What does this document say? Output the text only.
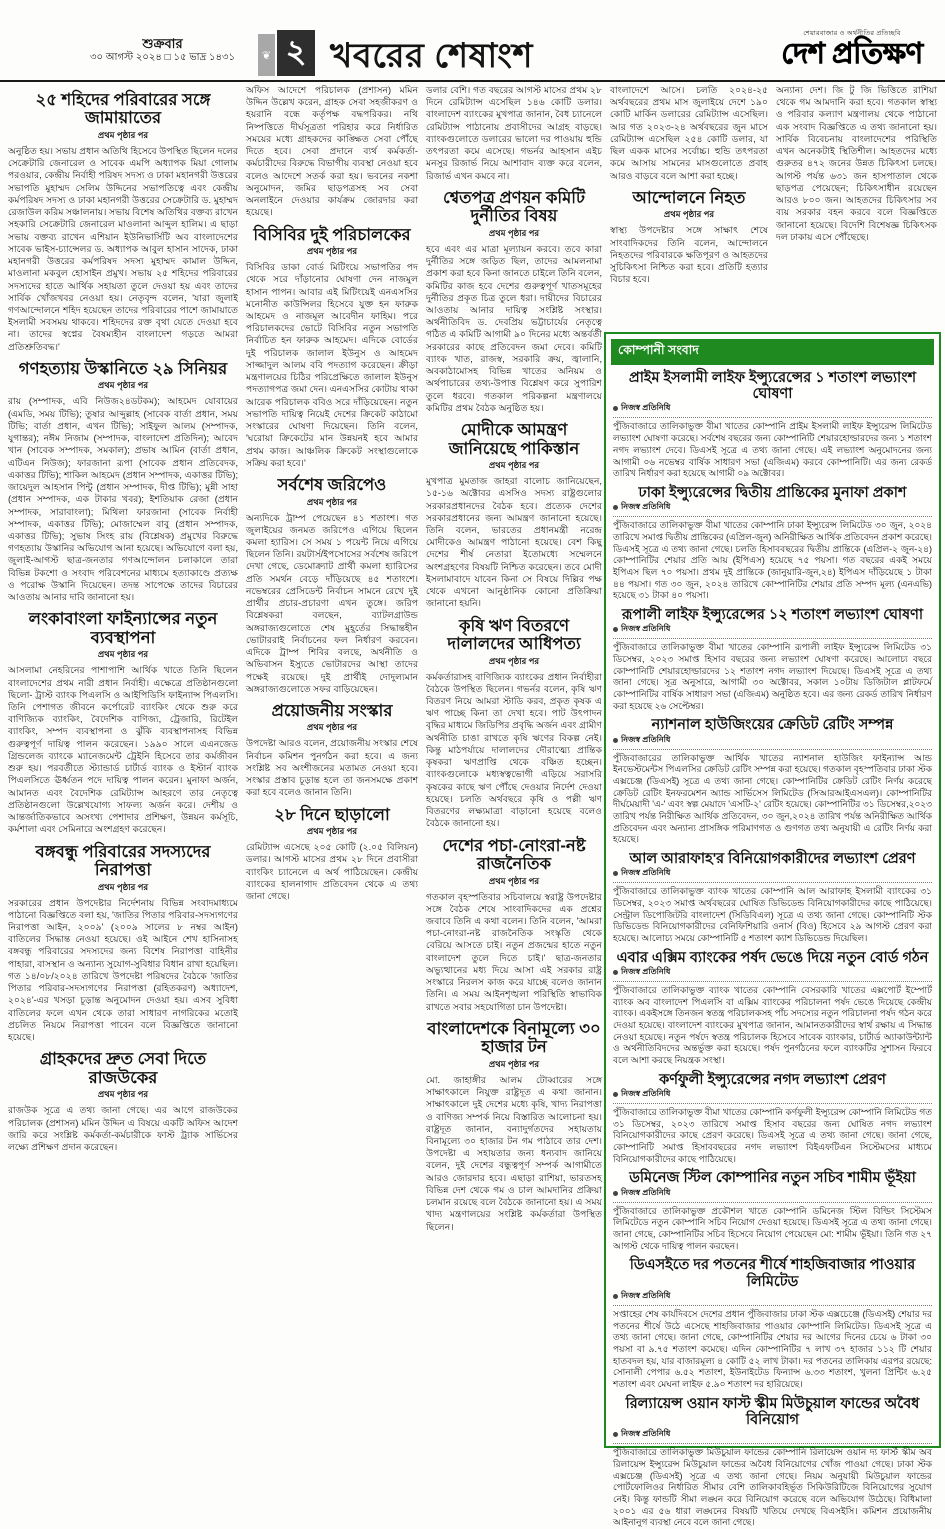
শুক্রবার
৩০ আগস্ট ২০২৪ □ ১৫ ভাদ্র ১৪৩১	❦ ২ খবরের শেষাংশ
শেয়ারবাজার ও অর্থনীতির প্রতিচ্ছবি
দেশ প্রতিক্ষণ
২৫ শহিদের পরিবারের সঙ্গে জামায়াতের
প্রথম পৃষ্ঠার পর
অনুষ্ঠিত হয়। সভায় প্রধান অতিথি হিসেবে উপস্থিত ছিলেন দলের সেক্রেটারি জেনারেল ও সাবেক এমপি অধ্যাপক মিয়া গোলাম পরওয়ার, কেন্দ্রীয় নির্বাহী পরিষদ সদস্য ও ঢাকা মহানগরী উত্তরের সভাপতি মুহাম্মদ সেলিম উদ্দিনের সভাপতিত্বে এবং কেন্দ্রীয় কর্মপরিষদ সদস্য ও ঢাকা মহানগরী উত্তরের সেক্রেটারি ড. মুহাম্মদ রেজাউল করিম সঞ্চালনায়। সভায় বিশেষ অতিথির বক্তব্য রাখেন সহকারি সেক্রেটারি জেনারেল মাওলানা আব্দুল হালিম। এ ছাড়া সভায় বক্তব্য রাখেন এশিয়ান ইউনিভার্সিটি অব বাংলাদেশের সাবেক ভাইস-চ্যান্সেলর ড. অধ্যাপক আবুল হাসান সাদেক, ঢাকা মহানগরী উত্তরের কর্মপরিষদ সদস্য মুহাম্মদ কামাল উদ্দিন, মাওলানা মকবুল হোসাইন প্রমুখ। সভায় ২৫ শহিদের পরিবারের সদস্যদের হাতে আর্থিক সহায়তা তুলে দেওয়া হয় এবং তাদের সার্বিক খোঁজখবর নেওয়া হয়। নেতৃবৃন্দ বলেন, 'যারা জুলাই গণআন্দোলনে শহিদ হয়েছেন তাদের পরিবারের পাশে জামায়াতে ইসলামী সবসময় থাকবে। শহিদদের রক্ত বৃথা যেতে দেওয়া হবে না। তাদের স্বপ্নের বৈষম্যহীন বাংলাদেশ গড়তে আমরা প্রতিশ্রুতিবদ্ধ।'
গণহত্যায় উস্কানিতে ২৯ সিনিয়র
প্রথম পৃষ্ঠার পর
রায় (সম্পাদক, এবি নিউজ২৪ডটকম); আহমেদ যোবায়ের (এমডি, সময় টিভি); তুষার আব্দুল্লাহ (সাবেক বার্তা প্রধান, সময় টিভি; বার্তা প্রধান, এখন টিভি); সাইফুল আলম (সম্পাদক, যুগান্তর); নঈম নিজাম (সম্পাদক, বাংলাদেশ প্রতিদিন); আবেদ খান (সাবেক সম্পাদক, সমকাল); প্রভাষ আমিন (বার্তা প্রধান, এটিএন নিউজ); ফারজানা রূপা (সাবেক প্রধান প্রতিবেদক, একাত্তর টিভি); শাকিল আহমেদ (প্রধান সম্পাদক, একাত্তর টিভি); জায়েদুল আহসান পিন্টু (প্রধান সম্পাদক, দীপ্ত টিভি); মুন্নী সাহা (প্রধান সম্পাদক, এক টাকার খবর); ইশতিয়াক রেজা (প্রধান সম্পাদক, সারাবাংলা); মিথিলা ফারজানা (সাবেক নির্বাহী সম্পাদক, একাত্তর টিভি); মোজাম্মেল বাবু (প্রধান সম্পাদক, একাত্তর টিভি); সুভাষ সিংহ রায় (বিশ্লেষক) প্রমুখের বিরুদ্ধে গণহত্যায় উস্কানির অভিযোগ আনা হয়েছে। অভিযোগে বলা হয়, জুলাই-আগস্ট ছাত্র-জনতার গণআন্দোলন চলাকালে তারা বিভিন্ন টকশো ও সংবাদ পরিবেশনের মাধ্যমে হত্যাকাণ্ডে প্রত্যক্ষ ও পরোক্ষ উস্কানি দিয়েছেন। তদন্ত সাপেক্ষে তাদের বিচারের আওতায় আনার দাবি জানানো হয়।
লংকাবাংলা ফাইন্যান্সের নতুন ব্যবস্থাপনা
প্রথম পৃষ্ঠার পর
আসলামা নেহরিনের পাশাপাশি আর্থিক খাতে তিনি ছিলেন বাংলাদেশের প্রথম নারী প্রধান নির্বাহী। এক্ষেত্রে প্রতিষ্ঠানগুলো ছিলো- ট্রাস্ট ব্যাংক পিএলসি ও আইপিডিসি ফাইন্যান্স পিএলসি। তিনি পেশাগত জীবনে কর্পোরেট ব্যাংকিং থেকে শুরু করে বাণিজ্যিক ব্যাংকিং, বৈদেশিক বাণিজ্য, ট্রেজারি, রিটেইল ব্যাংকিং, সম্পদ ব্যবস্থাপনা ও ঝুঁকি ব্যবস্থাপনাসহ বিভিন্ন গুরুত্বপূর্ণ দায়িত্ব পালন করেছেন। ১৯৯০ সালে এএনজেড গ্রিন্ডলেজ ব্যাংকে ম্যানেজমেন্ট ট্রেইনি হিসেবে তার কর্মজীবন শুরু হয়। পরবর্তীতে স্ট্যান্ডার্ড চার্টার্ড ব্যাংক ও ইস্টার্ন ব্যাংক পিএলসিতে ঊর্ধ্বতন পদে দায়িত্ব পালন করেন। মুনাফা অর্জন, আমানত এবং বৈদেশিক রেমিট্যান্স আহরণে তার নেতৃত্বে প্রতিষ্ঠানগুলো উল্লেখযোগ্য সাফল্য অর্জন করে। দেশীয় ও আন্তর্জাতিকভাবে অসংখ্য পেশাদার প্রশিক্ষণ, উন্নয়ন কর্মসূচি, কর্মশালা এবং সেমিনারে অংশগ্রহণ করেছেন।
বঙ্গবন্ধু পরিবারের সদস্যদের নিরাপত্তা
প্রথম পৃষ্ঠার পর
সরকারের প্রধান উপদেষ্টার নির্দেশনায় বিভিন্ন সংবাদমাধ্যমে পাঠানো বিজ্ঞপ্তিতে বলা হয়, 'জাতির পিতার পরিবার-সদস্যগণের নিরাপত্তা আইন, ২০০৯' (২০০৯ সালের ৮ নম্বর আইন) বাতিলের সিদ্ধান্ত নেওয়া হয়েছে। ওই আইনে শেখ হাসিনাসহ বঙ্গবন্ধু পরিবারের সদস্যদের জন্য বিশেষ নিরাপত্তা বাহিনীর পাহারা, বাসস্থান ও অন্যান্য সুযোগ-সুবিধার বিধান রাখা হয়েছিল। গত ১৪/০৮/২০২৪ তারিখে উপদেষ্টা পরিষদের বৈঠকে 'জাতির পিতার পরিবার-সদস্যগণের নিরাপত্তা (রহিতকরণ) অধ্যাদেশ, ২০২৪'-এর খসড়া চূড়ান্ত অনুমোদন দেওয়া হয়। এসব সুবিধা বাতিলের ফলে এখন থেকে তারা সাধারণ নাগরিকের মতোই প্রচলিত নিয়মে নিরাপত্তা পাবেন বলে বিজ্ঞপ্তিতে জানানো হয়েছে।
গ্রাহকদের দ্রুত সেবা দিতে রাজউকের
প্রথম পৃষ্ঠার পর
রাজউক সূত্রে এ তথ্য জানা গেছে। এর আগে রাজউকের পরিচালক (প্রশাসন) মমিন উদ্দিন এ বিষয়ে একটি অফিস আদেশ জারি করে সংশ্লিষ্ট কর্মকর্তা-কর্মচারীকে ফাস্ট ট্র্যাক সার্ভিসের লক্ষ্যে প্রশিক্ষণ প্রদান করেছেন।
অফিস আদেশে পরিচালক (প্রশাসন) মমিন উদ্দিন উল্লেখ করেন, গ্রাহক সেবা সহজীকরণ ও হয়রানি বন্ধে কর্তৃপক্ষ বদ্ধপরিকর। নথি নিষ্পত্তিতে দীর্ঘসূত্রতা পরিহার করে নির্ধারিত সময়ের মধ্যে গ্রাহকদের কাঙ্ক্ষিত সেবা পৌঁছে দিতে হবে। সেবা প্রদানে ব্যর্থ কর্মকর্তা-কর্মচারীদের বিরুদ্ধে বিভাগীয় ব্যবস্থা নেওয়া হবে বলেও আদেশে সতর্ক করা হয়। ভবনের নকশা অনুমোদন, জমির ছাড়পত্রসহ সব সেবা অনলাইনে দেওয়ার কার্যক্রম জোরদার করা হয়েছে।
বিসিবির দুই পরিচালকের
প্রথম পৃষ্ঠার পর
বিসিবির ডাকা বোর্ড মিটিংয়ে সভাপতির পদ থেকে সরে দাঁড়ানোর ঘোষণা দেন নাজমুল হাসান পাপন। আবার এই মিটিংয়েই এনএসসির মনোনীত কাউন্সিলর হিসেবে যুক্ত হন ফারুক আহমেদ ও নাজমূল আবেদীন ফাহিম। পরে পরিচালকদের ভোটে বিসিবির নতুন সভাপতি নির্বাচিত হন ফারুক আহমেদ। এদিকে বোর্ডের দুই পরিচালক জালাল ইউনুস ও আহমেদ সাজ্জাদুল আলম ববি পদত্যাগ করেছেন। ক্রীড়া মন্ত্রণালয়ের চিঠির পরিপ্রেক্ষিতে জালাল ইউনুস পদত্যাগপত্র জমা দেন। এনএসসির কোটায় থাকা আরেক পরিচালক ববিও সরে দাঁড়িয়েছেন। নতুন সভাপতি দায়িত্ব নিয়েই দেশের ক্রিকেট কাঠামো সংস্কারের ঘোষণা দিয়েছেন। তিনি বলেন, 'ঘরোয়া ক্রিকেটের মান উন্নয়নই হবে আমার প্রথম কাজ। আঞ্চলিক ক্রিকেট সংস্থাগুলোকে সক্রিয় করা হবে।'
সর্বশেষ জরিপেও
প্রথম পৃষ্ঠার পর
অন্যদিকে ট্রাম্প পেয়েছেন ৪১ শতাংশ। গত জুলাইয়ের জনমত জরিপেও এগিয়ে ছিলেন কমলা হ্যারিস। সে সময় ১ পয়েন্ট নিয়ে এগিয়ে ছিলেন তিনি। রয়টার্স/ইপসোসের সর্বশেষ জরিপে দেখা গেছে, ডেমোক্র্যাট প্রার্থী কমলা হ্যারিসের প্রতি সমর্থন বেড়ে দাঁড়িয়েছে ৪৫ শতাংশে। নভেম্বরের প্রেসিডেন্ট নির্বাচন সামনে রেখে দুই প্রার্থীর প্রচার-প্রচারণা এখন তুঙ্গে। জরিপ বিশ্লেষকরা বলছেন, ব্যাটলগ্রাউন্ড অঙ্গরাজ্যগুলোতে শেষ মুহূর্তের সিদ্ধান্তহীন ভোটাররাই নির্বাচনের ফল নির্ধারণ করবেন। এদিকে ট্রাম্প শিবির বলছে, অর্থনীতি ও অভিবাসন ইস্যুতে ভোটারদের আস্থা তাদের পক্ষেই রয়েছে। দুই প্রার্থীই দোদুল্যমান অঙ্গরাজ্যগুলোতে সফর বাড়িয়েছেন।
প্রয়োজনীয় সংস্কার
প্রথম পৃষ্ঠার পর
উপদেষ্টা আরও বলেন, প্রয়োজনীয় সংস্কার শেষে নির্বাচন কমিশন পুনর্গঠন করা হবে। এ জন্য সংশ্লিষ্ট সব অংশীজনের মতামত নেওয়া হবে। সংস্কার প্রস্তাব চূড়ান্ত হলে তা জনসমক্ষে প্রকাশ করা হবে বলেও জানান তিনি।
২৮ দিনে ছাড়ালো
প্রথম পৃষ্ঠার পর
রেমিট্যান্স এসেছে ২০৫ কোটি (২.০৫ বিলিয়ন) ডলার। আগস্ট মাসের প্রথম ২৮ দিনে প্রবাসীরা ব্যাংকিং চ্যানেলে এ অর্থ পাঠিয়েছেন। কেন্দ্রীয় ব্যাংকের হালনাগাদ প্রতিবেদন থেকে এ তথ্য জানা গেছে।
ডলার বেশি। গত বছরের আগস্ট মাসের প্রথম ২৮ দিনে রেমিট্যান্স এসেছিল ১৪৬ কোটি ডলার। বাংলাদেশ ব্যাংকের মুখপাত্র জানান, বৈধ চ্যানেলে রেমিট্যান্স পাঠানোয় প্রবাসীদের আগ্রহ বাড়ছে। ব্যাংকগুলোতে ডলারের ভালো দর পাওয়ায় হুন্ডি তৎপরতা কমে এসেছে। গভর্নর আহসান এইচ মনসুর রিজার্ভ নিয়ে আশাবাদ ব্যক্ত করে বলেন, রিজার্ভ এখন কমবে না।
শ্বেতপত্র প্রণয়ন কমিটি দুর্নীতির বিষয়
প্রথম পৃষ্ঠার পর
হবে এবং এর মাত্রা মূল্যায়ন করবে। তবে কারা দুর্নীতির সঙ্গে জড়িত ছিল, তাদের আমলনামা প্রকাশ করা হবে কিনা জানতে চাইলে তিনি বলেন, কমিটির কাজ হবে দেশের গুরুত্বপূর্ণ খাতসমূহের দুর্নীতির প্রকৃত চিত্র তুলে ধরা। দায়ীদের বিচারের আওতায় আনার দায়িত্ব সংশ্লিষ্ট সংস্থার। অর্থনীতিবিদ ড. দেবপ্রিয় ভট্টাচার্যের নেতৃত্বে গঠিত এ কমিটি আগামী ৯০ দিনের মধ্যে অন্তর্বর্তী সরকারের কাছে প্রতিবেদন জমা দেবে। কমিটি ব্যাংক খাত, রাজস্ব, সরকারি ক্রয়, জ্বালানি, অবকাঠামোসহ বিভিন্ন খাতের অনিয়ম ও অর্থপাচারের তথ্য-উপাত্ত বিশ্লেষণ করে সুপারিশ তুলে ধরবে। গতকাল পরিকল্পনা মন্ত্রণালয়ে কমিটির প্রথম বৈঠক অনুষ্ঠিত হয়।
মোদীকে আমন্ত্রণ জানিয়েছে পাকিস্তান
প্রথম পৃষ্ঠার পর
মুখপাত্র মুমতাজ জাহরা বালোচ জানিয়েছেন, ১৫-১৬ অক্টোবর এসসিও সদস্য রাষ্ট্রগুলোর সরকারপ্রধানদের বৈঠক হবে। প্রত্যেক দেশের সরকারপ্রধানের জন্য আমন্ত্রণ জানানো হয়েছে। তিনি বলেন, ভারতের প্রধানমন্ত্রী নরেন্দ্র মোদীকেও আমন্ত্রণ পাঠানো হয়েছে। বেশ কিছু দেশের শীর্ষ নেতারা ইতোমধ্যে সম্মেলনে অংশগ্রহণের বিষয়টি নিশ্চিত করেছেন। তবে মোদী ইসলামাবাদে যাবেন কিনা সে বিষয়ে দিল্লির পক্ষ থেকে এখনো আনুষ্ঠানিক কোনো প্রতিক্রিয়া জানানো হয়নি।
কৃষি ঋণ বিতরণে দালালদের আধিপত্য
প্রথম পৃষ্ঠার পর
কর্মকর্তারাসহ বাণিজ্যিক ব্যাংকের প্রধান নির্বাহীরা বৈঠকে উপস্থিত ছিলেন। গভর্নর বলেন, কৃষি ঋণ বিতরণ নিয়ে আমরা স্টাডি করব, প্রকৃত কৃষক এ ঋণ পাচ্ছে কিনা তা দেখা হবে। পাট উৎপাদন বৃদ্ধির মাধ্যমে জিডিপির প্রবৃদ্ধি অর্জন এবং গ্রামীণ অর্থনীতি চাঙা রাখতে কৃষি ঋণের বিকল্প নেই। কিন্তু মাঠপর্যায়ে দালালদের দৌরাত্ম্যে প্রান্তিক কৃষকরা ঋণপ্রাপ্তি থেকে বঞ্চিত হচ্ছেন। ব্যাংকগুলোকে মধ্যস্বত্বভোগী এড়িয়ে সরাসরি কৃষকের কাছে ঋণ পৌঁছে দেওয়ার নির্দেশ দেওয়া হয়েছে। চলতি অর্থবছরে কৃষি ও পল্লী ঋণ বিতরণের লক্ষ্যমাত্রা বাড়ানো হয়েছে বলেও বৈঠকে জানানো হয়।
দেশের পচা-নোংরা-নষ্ট রাজনৈতিক
প্রথম পৃষ্ঠার পর
গতকাল বৃহস্পতিবার সচিবালয়ে স্বরাষ্ট্র উপদেষ্টার সঙ্গে বৈঠক শেষে সাংবাদিকদের এক প্রশ্নের জবাবে তিনি এ কথা বলেন। তিনি বলেন, 'আমরা পচা-নোংরা-নষ্ট রাজনৈতিক সংস্কৃতি থেকে বেরিয়ে আসতে চাই। নতুন প্রজন্মের হাতে নতুন বাংলাদেশ তুলে দিতে চাই।' ছাত্র-জনতার অভ্যুত্থানের মধ্য দিয়ে আসা এই সরকার রাষ্ট্র সংস্কারে নিরলস কাজ করে যাচ্ছে বলেও জানান তিনি। এ সময় আইনশৃঙ্খলা পরিস্থিতি স্বাভাবিক রাখতে সবার সহযোগিতা চান উপদেষ্টা।
বাংলাদেশকে বিনামূল্যে ৩০ হাজার টন
প্রথম পৃষ্ঠার পর
মো. জাহাঙ্গীর আলম টোব্বারের সঙ্গে সাক্ষাৎকালে নিযুক্ত রাষ্ট্রদূত এ কথা জানান। সাক্ষাৎকালে দুই দেশের মধ্যে কৃষি, খাদ্য নিরাপত্তা ও বাণিজ্য সম্পর্ক নিয়ে বিস্তারিত আলোচনা হয়। রাষ্ট্রদূত জানান, বন্যাদুর্গতদের সহায়তায় বিনামূল্যে ৩০ হাজার টন গম পাঠাবে তার দেশ। উপদেষ্টা এ সহায়তার জন্য ধন্যবাদ জানিয়ে বলেন, দুই দেশের বন্ধুত্বপূর্ণ সম্পর্ক আগামীতে আরও জোরদার হবে। এছাড়া রাশিয়া, ভারতসহ বিভিন্ন দেশ থেকে গম ও চাল আমদানির প্রক্রিয়া চলমান রয়েছে বলে বৈঠকে জানানো হয়। এ সময় খাদ্য মন্ত্রণালয়ের সংশ্লিষ্ট কর্মকর্তারা উপস্থিত ছিলেন।
বাংলাদেশে আসে। চলতি ২০২৪-২৫ অর্থবছরের প্রথম মাস জুলাইয়ে দেশে ১৯০ কোটি মার্কিন ডলারের রেমিট্যান্স এসেছিল। আর গত ২০২৩-২৪ অর্থবছরের জুন মাসে রেমিট্যান্স এসেছিল ২৫৪ কোটি ডলার, যা ছিল একক মাসের সর্বোচ্চ। হুন্ডি তৎপরতা কমে আসায় সামনের মাসগুলোতে প্রবাহ আরও বাড়বে বলে আশা করা হচ্ছে।
আন্দোলনে নিহত
প্রথম পৃষ্ঠার পর
স্বাস্থ্য উপদেষ্টার সঙ্গে সাক্ষাৎ শেষে সাংবাদিকদের তিনি বলেন, আন্দোলনে নিহতদের পরিবারকে ক্ষতিপূরণ ও আহতদের সুচিকিৎসা নিশ্চিত করা হবে। প্রতিটি হত্যার বিচার হবে।
অন্যান্য দেশ। জি টু জি ভিত্তিতে রাশিয়া থেকে গম আমদানি করা হবে। গতকাল স্বাস্থ্য ও পরিবার কল্যাণ মন্ত্রণালয় থেকে পাঠানো এক সংবাদ বিজ্ঞপ্তিতে এ তথ্য জানানো হয়। সার্বিক বিবেচনায় বাংলাদেশের পরিস্থিতি এখন অনেকটাই স্থিতিশীল। আহতদের মধ্যে গুরুতর ৪৭২ জনের উন্নত চিকিৎসা চলছে। আগস্ট পর্যন্ত ৬৩১ জন হাসপাতাল থেকে ছাড়পত্র পেয়েছেন; চিকিৎসাধীন রয়েছেন আরও ৮০০ জন। আহতদের চিকিৎসার সব ব্যয় সরকার বহন করবে বলে বিজ্ঞপ্তিতে জানানো হয়েছে। বিদেশি বিশেষজ্ঞ চিকিৎসক দল ঢাকায় এসে পৌঁছেছে।
কোম্পানী সংবাদ
প্রাইম ইসলামী লাইফ ইন্স্যুরেন্সের ১ শতাংশ লভ্যাংশ ঘোষণা
নিজস্ব প্রতিনিধি
পুঁজিবাজারে তালিকাভুক্ত বীমা খাতের কোম্পানি প্রাইম ইসলামী লাইফ ইন্স্যুরেন্স লিমিটেড লভ্যাংশ ঘোষণা করেছে। সর্বশেষ বছরের জন্য কোম্পানিটি শেয়ারহোল্ডারদের জন্য ১ শতাংশ নগদ লভ্যাংশ দেবে। ডিএসই সূত্রে এ তথ্য জানা গেছে। এই লভ্যাংশ অনুমোদনের জন্য আগামী ০৬ নভেম্বর বার্ষিক সাধারণ সভা (এজিএম) করবে কোম্পানিটি। এর জন্য রেকর্ড তারিখ নির্ধারণ করা হয়েছে আগামী ০৯ অক্টোবর।
ঢাকা ইন্স্যুরেন্সের দ্বিতীয় প্রান্তিকের মুনাফা প্রকাশ
নিজস্ব প্রতিনিধি
পুঁজিবাজারে তালিকাভুক্ত বীমা খাতের কোম্পানি ঢাকা ইন্স্যুরেন্স লিমিটেড ৩০ জুন, ২০২৪ তারিখে সমাপ্ত দ্বিতীয় প্রান্তিকের (এপ্রিল-জুন) অনিরীক্ষিত আর্থিক প্রতিবেদন প্রকাশ করেছে। ডিএসই সূত্রে এ তথ্য জানা গেছে। চলতি হিসাববছরের দ্বিতীয় প্রান্তিকে (এপ্রিল-২ জুন-২৪) কোম্পানিটির শেয়ার প্রতি আয় (ইপিএস) হয়েছে ৭৫ পয়সা। গত বছরের একই সময়ে ইপিএস ছিল ৭০ পয়সা। প্রথম দুই প্রান্তিকে (জানুয়ারি-জুন,২৪) ইপিএস দাঁড়িয়েছে ১ টাকা ৪৪ পয়সা। গত ৩০ জুন, ২০২৪ তারিখে কোম্পানিটির শেয়ার প্রতি সম্পদ মূল্য (এনএভি) হয়েছে ৩১ টাকা ৪০ পয়সা।
রূপালী লাইফ ইন্স্যুরেন্সের ১২ শতাংশ লভ্যাংশ ঘোষণা
নিজস্ব প্রতিনিধি
পুঁজিবাজারে তালিকাভুক্ত বীমা খাতের কোম্পানি রূপালী লাইফ ইন্স্যুরেন্স লিমিটেড ৩১ ডিসেম্বর, ২০২৩ সমাপ্ত হিসাব বছরের জন্য লভ্যাংশ ঘোষণা করেছে। আলোচ্য বছরে কোম্পানিটি শেয়ারহোল্ডারদের ১২ শতাংশ নগদ লভ্যাংশ দিয়েছে। ডিএসই সূত্রে এ তথ্য জানা গেছে। সূত্র অনুসারে, আগামী ৩০ অক্টোবর, সকাল ১০টায় ডিজিটাল প্লাটফর্মে কোম্পানিটির বার্ষিক সাধারণ সভা (এজিএম) অনুষ্ঠিত হবে। এর জন্য রেকর্ড তারিখ নির্ধারণ করা হয়েছে ২৬ সেপ্টেম্বর।
ন্যাশনাল হাউজিংয়ের ক্রেডিট রেটিং সম্পন্ন
নিজস্ব প্রতিনিধি
পুঁজিবাজারের তালিকাভুক্ত আর্থিক খাতের ন্যাশনাল হাউজিং ফাইন্যান্স আন্ড ইনভেস্টমেন্টস পিএলসির ক্রেডিট রেটিং সম্পন্ন করা হয়েছে। গতকাল বৃহস্পতিবার ঢাকা স্টক এক্সচেঞ্জ (ডিএসই) সূত্রে এ তথ্য জানা গেছে। কোম্পানিটির ক্রেডিট রেটিং নির্ণয় করেছে ক্রেডিট রেটিং ইনফরমেশন অ্যান্ড সার্ভিসেস লিমিটেড (সিআরআইএসএল)। কোম্পানিটির দীর্ঘমেয়াদী 'এ-' এবং স্বল্প মেয়াদে 'এসটি-২' রেটিং হয়েছে। কোম্পানিটির ৩১ ডিসেম্বর,২০২৩ তারিখ পর্যন্ত নিরীক্ষিত আর্থিক প্রতিবেদন, ৩০ জুন,২০২৪ তারিখ পর্যন্ত অনিরীক্ষিত আর্থিক প্রতিবেদন এবং অন্যান্য প্রাসঙ্গিক পরিমাণগত ও গুণগত তথ্য অনুযায়ী এ রেটিং নির্ণয় করা হয়েছে।
আল আরাফাহ'র বিনিয়োগকারীদের লভ্যাংশ প্রেরণ
নিজস্ব প্রতিনিধি
পুঁজিবাজারে তালিকাভুক্ত ব্যাংক খাতের কোম্পানি আল আরাফাহ ইসলামী ব্যাংকের ৩১ ডিসেম্বর, ২০২৩ সমাপ্ত অর্থবছরের ঘোষিত ডিভিডেন্ড বিনিয়োগকারীদের কাছে পাঠিয়েছে। সেন্ট্রাল ডিপোজিটরি বাংলাদেশ (সিডিবিএল) সূত্রে এ তথ্য জানা গেছে। কোম্পানিটি স্টক ডিভিডেন্ড বিনিয়োগকারীদের বেনিফিশিয়ারি ওনার্স (বিও) হিসেবে ২৯ আগস্ট প্রেরণ করা হয়েছে। আলোচ্য সময়ে কোম্পানিটি ৫ শতাংশ ক্যাশ ডিভিডেন্ড দিয়েছিল।
এবার এক্সিম ব্যাংকের পর্ষদ ভেঙে দিয়ে নতুন বোর্ড গঠন
নিজস্ব প্রতিনিধি
পুঁজিবাজারে তালিকাভুক্ত ব্যাংক খাতের কোম্পানি বেসরকারি খাতের এক্সপোর্ট ইম্পোর্ট ব্যাংক অব বাংলাদেশ পিএলসি বা এক্সিম ব্যাংকের পরিচালনা পর্ষদ ভেঙে দিয়েছে কেন্দ্রীয় ব্যাংক। একইসঙ্গে তিনজন স্বতন্ত্র পরিচালকসহ পাঁচ সদস্যের নতুন পরিচালনা পর্ষদ গঠন করে দেওয়া হয়েছে। বাংলাদেশ ব্যাংকের মুখপাত্র জানান, আমানতকারীদের স্বার্থ রক্ষায় এ সিদ্ধান্ত নেওয়া হয়েছে। নতুন পর্ষদে স্বতন্ত্র পরিচালক হিসেবে সাবেক ব্যাংকার, চার্টার্ড অ্যাকাউন্ট্যান্ট ও অর্থনীতিবিদদের অন্তর্ভুক্ত করা হয়েছে। পর্ষদ পুনর্গঠনের ফলে ব্যাংকটির সুশাসন ফিরবে বলে আশা করছে নিয়ন্ত্রক সংস্থা।
কর্ণফুলী ইন্স্যুরেন্সের নগদ লভ্যাংশ প্রেরণ
নিজস্ব প্রতিনিধি
পুঁজিবাজারে তালিকাভুক্ত বীমা খাতের কোম্পানি কর্ণফুলী ইন্স্যুরেন্স কোম্পানি লিমিটেড গত ৩১ ডিসেম্বর, ২০২৩ তারিখে সমাপ্ত হিসাব বছরের জন্য ঘোষিত নগদ লভ্যাংশ বিনিয়োগকারীদের কাছে প্রেরণ করেছে। ডিএসই সূত্রে এ তথ্য জানা গেছে। জানা গেছে, কোম্পানিটি সমাপ্ত হিসাববছরের নগদ লভ্যাংশ বিইএফটিএন সিস্টেমসের মাধ্যমে বিনিয়োগকারীদের কাছে পাঠিয়েছে।
ডমিনেজ স্টিল কোম্পানির নতুন সচিব শামীম ভূঁইয়া
নিজস্ব প্রতিনিধি
পুঁজিবাজারে তালিকাভুক্ত প্রকৌশল খাতে কোম্পানি ডমিনেজ স্টিল বিল্ডিং সিস্টেমস লিমিটেডে নতুন কোম্পানি সচিব নিয়োগ দেওয়া হয়েছে। ডিএসই সূত্রে এ তথ্য জানা গেছে। জানা গেছে, কোম্পানিটির সচিব হিসেবে নিয়োগ পেয়েছেন মো: শামীম ভূঁইয়া। তিনি গত ২৭ আগস্ট থেকে দায়িত্ব পালন করছেন।
ডিএসইতে দর পতনের শীর্ষে শাহজিবাজার পাওয়ার লিমিটেড
নিজস্ব প্রতিনিধি
সপ্তাহের শেষ কার্যদিবসে দেশের প্রধান পুঁজিবাজার ঢাকা স্টক এক্সচেঞ্জে (ডিএসই) শেয়ার দর পতনের শীর্ষে উঠে এসেছে শাহজিবাজার পাওয়ার কোম্পানি লিমিটেড। ডিএসই সূত্রে এ তথ্য জানা গেছে। জানা গেছে, কোম্পানিটির শেয়ার দর আগের দিনের চেয়ে ৬ টাকা ৩০ পয়সা বা ৯.৭৫ শতাংশ কমেছে। এদিন কোম্পানিটির ৭ লাখ ৩৭ হাজার ১১২ টি শেয়ার হাতবদল হয়, যার বাজারমূল্য ৪ কোটি ৫২ লাখ টাকা। দর পতনের তালিকায় এরপর রয়েছে: সোনালী পেপার ৬.৫২ শতাংশ, ইউনাইটেড ফিন্যান্স ৬.৩৩ শতাংশ, খুলনা প্রিন্টিং ৬.২৫ শতাংশ এবং মেঘনা লাইফ ৫.৯০ শতাংশ দর হারিয়েছে।
রিল্যায়েন্স ওয়ান ফাস্ট স্কীম মিউচুয়াল ফান্ডের অবৈধ বিনিয়োগ
নিজস্ব প্রতিনিধি
পুঁজিবাজারে তালিকাভুক্ত মিউচুয়াল ফান্ডের কোম্পানি রিলায়েন্স ওয়ান দ্য ফার্স্ট স্কীম অব রিলায়েন্স ইন্স্যুরেন্স মিউচুয়াল ফান্ডের অবৈধ বিনিয়োগের খোঁজ পাওয়া গেছে। ঢাকা স্টক এক্সচেঞ্জ (ডিএসই) সূত্রে এ তথ্য জানা গেছে। নিয়ম অনুযায়ী মিউচুয়াল ফান্ডের পোর্টফোলিওর নির্ধারিত সীমার বেশি তালিকাবহির্ভূত সিকিউরিটিজে বিনিয়োগের সুযোগ নেই। কিন্তু ফান্ডটি সীমা লঙ্ঘন করে বিনিয়োগ করেছে বলে অভিযোগ উঠেছে। বিধিমালা ২০০১ এর ৫৬ ধারা লঙ্ঘনের বিষয়টি খতিয়ে দেখছে বিএসইসি। কমিশন প্রয়োজনীয় আইনানুগ ব্যবস্থা নেবে বলে জানা গেছে।
